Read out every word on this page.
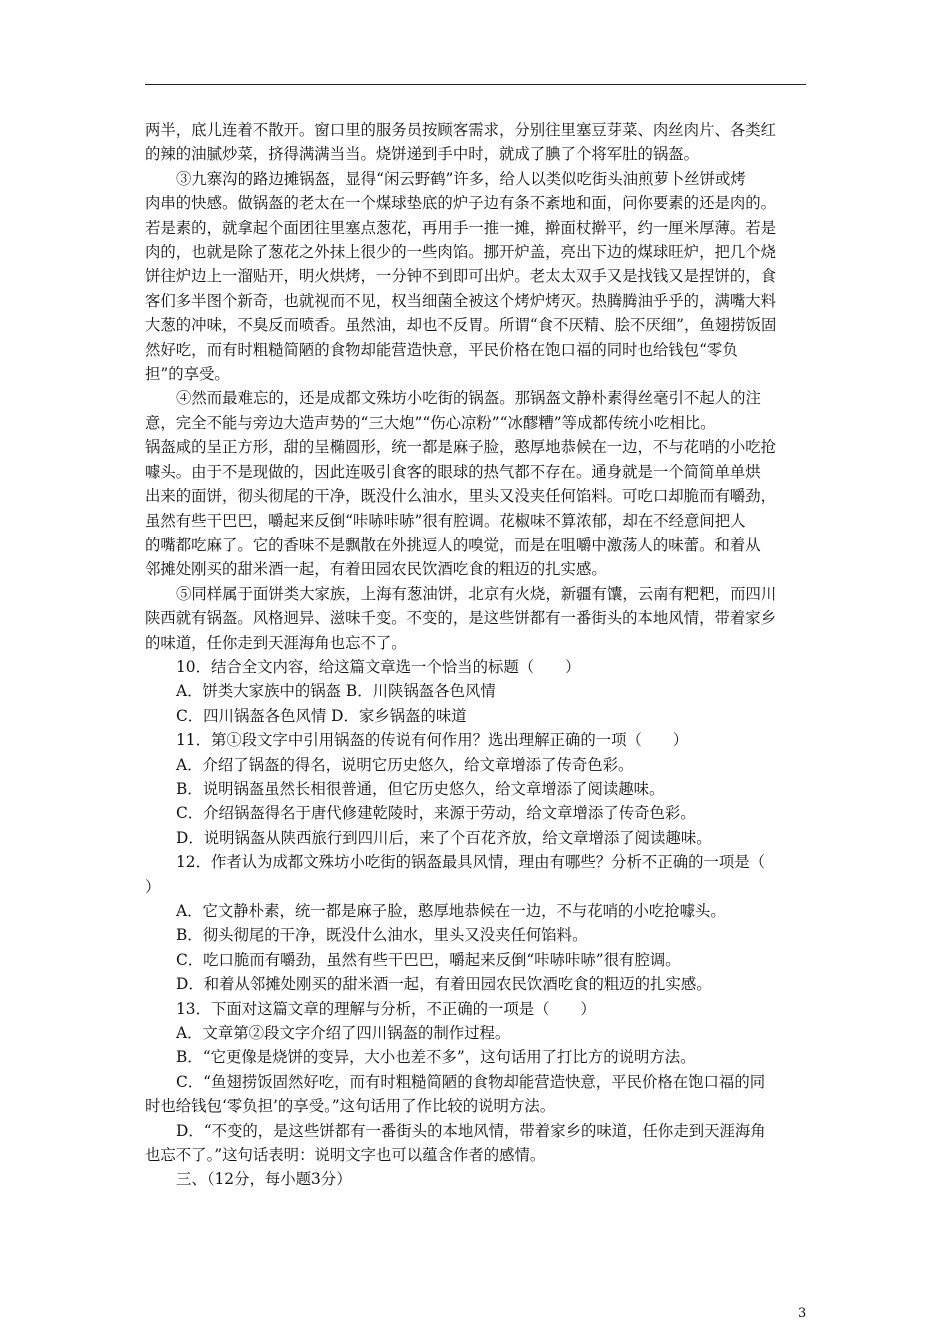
两半，底儿连着不散开。窗口里的服务员按顾客需求，分别往里塞豆芽菜、肉丝肉片、各类红

的辣的油腻炒菜，挤得满满当当。烧饼递到手中时，就成了腆了个将军肚的锅盔。

③九寨沟的路边摊锅盔，显得“闲云野鹤”许多，给人以类似吃街头油煎萝卜丝饼或烤

肉串的快感。做锅盔的老太在一个煤球垫底的炉子边有条不紊地和面，问你要素的还是肉的。

若是素的，就拿起个面团往里塞点葱花，再用手一推一摊，擀面杖擀平，约一厘米厚薄。若是

肉的，也就是除了葱花之外抹上很少的一些肉馅。挪开炉盖，亮出下边的煤球旺炉，把几个烧

饼往炉边上一溜贴开，明火烘烤，一分钟不到即可出炉。老太太双手又是找钱又是捏饼的，食

客们多半图个新奇，也就视而不见，权当细菌全被这个烤炉烤灭。热腾腾油乎乎的，满嘴大料

大葱的冲味，不臭反而喷香。虽然油，却也不反胃。所谓“食不厌精、脍不厌细”，鱼翅捞饭固

然好吃，而有时粗糙简陋的食物却能营造快意，平民价格在饱口福的同时也给钱包“零负

担”的享受。

④然而最难忘的，还是成都文殊坊小吃街的锅盔。那锅盔文静朴素得丝毫引不起人的注

意，完全不能与旁边大造声势的“三大炮”“伤心凉粉”“冰醪糟”等成都传统小吃相比。

锅盔咸的呈正方形，甜的呈椭圆形，统一都是麻子脸，憨厚地恭候在一边，不与花哨的小吃抢

噱头。由于不是现做的，因此连吸引食客的眼球的热气都不存在。通身就是一个简简单单烘

出来的面饼，彻头彻尾的干净，既没什么油水，里头又没夹任何馅料。可吃口却脆而有嚼劲，

虽然有些干巴巴，嚼起来反倒“咔哧咔哧”很有腔调。花椒味不算浓郁，却在不经意间把人

的嘴都吃麻了。它的香味不是飘散在外挑逗人的嗅觉，而是在咀嚼中激荡人的味蕾。和着从

邻摊处刚买的甜米酒一起，有着田园农民饮酒吃食的粗迈的扎实感。

⑤同样属于面饼类大家族，上海有葱油饼，北京有火烧，新疆有馕，云南有粑粑，而四川

陕西就有锅盔。风格迥异、滋味千变。不变的，是这些饼都有一番街头的本地风情，带着家乡

的味道，任你走到天涯海角也忘不了。

10．结合全文内容，给这篇文章选一个恰当的标题（　　）

A．饼类大家族中的锅盔 B．川陕锅盔各色风情

C．四川锅盔各色风情 D．家乡锅盔的味道

11．第①段文字中引用锅盔的传说有何作用？选出理解正确的一项（　　）

A．介绍了锅盔的得名，说明它历史悠久，给文章增添了传奇色彩。

B．说明锅盔虽然长相很普通，但它历史悠久，给文章增添了阅读趣味。

C．介绍锅盔得名于唐代修建乾陵时，来源于劳动，给文章增添了传奇色彩。

D．说明锅盔从陕西旅行到四川后，来了个百花齐放，给文章增添了阅读趣味。

12．作者认为成都文殊坊小吃街的锅盔最具风情，理由有哪些？分析不正确的一项是（

）

A．它文静朴素，统一都是麻子脸，憨厚地恭候在一边，不与花哨的小吃抢噱头。

B．彻头彻尾的干净，既没什么油水，里头又没夹任何馅料。

C．吃口脆而有嚼劲，虽然有些干巴巴，嚼起来反倒“咔哧咔哧”很有腔调。

D．和着从邻摊处刚买的甜米酒一起，有着田园农民饮酒吃食的粗迈的扎实感。

13．下面对这篇文章的理解与分析，不正确的一项是（　　）

A．文章第②段文字介绍了四川锅盔的制作过程。

B．“它更像是烧饼的变异，大小也差不多”，这句话用了打比方的说明方法。

C．“鱼翅捞饭固然好吃，而有时粗糙简陋的食物却能营造快意，平民价格在饱口福的同

时也给钱包‘零负担’的享受。”这句话用了作比较的说明方法。

D．“不变的，是这些饼都有一番街头的本地风情，带着家乡的味道，任你走到天涯海角

也忘不了。”这句话表明：说明文字也可以蕴含作者的感情。

三、（12分，每小题3分）

3
